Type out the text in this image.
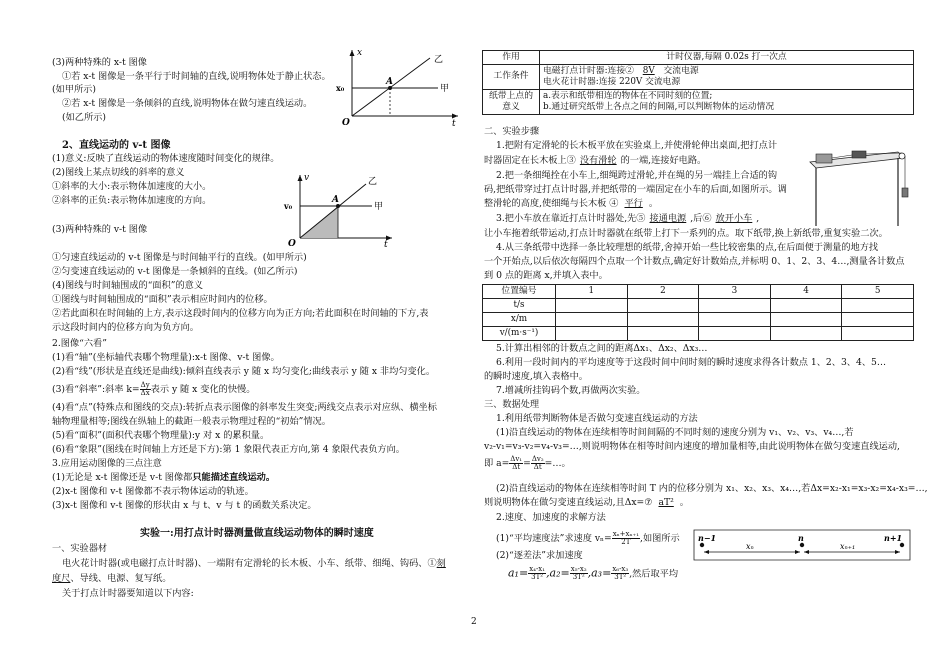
(3)两种特殊的 x-t 图像
①若 x-t 图像是一条平行于时间轴的直线,说明物体处于静止状态。
(如甲所示)
②若 x-t 图像是一条倾斜的直线,说明物体在做匀速直线运动。
(如乙所示)
x
t
O
x₀
A
甲
乙
2、直线运动的 v-t 图像
(1)意义:反映了直线运动的物体速度随时间变化的规律。
(2)图线上某点切线的斜率的意义
①斜率的大小:表示物体加速度的大小。
②斜率的正负:表示物体加速度的方向。
v
t
O
v₀
A
甲
乙
(3)两种特殊的 v-t 图像
①匀速直线运动的 v-t 图像是与时间轴平行的直线。(如甲所示)
②匀变速直线运动的 v-t 图像是一条倾斜的直线。(如乙所示)
(4)图线与时间轴围成的“面积”的意义
①图线与时间轴围成的“面积”表示相应时间内的位移。
②若此面积在时间轴的上方,表示这段时间内的位移方向为正方向;若此面积在时间轴的下方,表
示这段时间内的位移方向为负方向。
2.图像“六看”
(1)看“轴”(坐标轴代表哪个物理量):x-t 图像、v-t 图像。
(2)看“线”(形状是直线还是曲线):倾斜直线表示 y 随 x 均匀变化;曲线表示 y 随 x 非均匀变化。
(3)看“斜率”:斜率 $k= \frac{\Delta y}{\Delta x}$ 表示 y 随 x 变化的快慢。
(4)看“点”(特殊点和图线的交点):转折点表示图像的斜率发生突变;两线交点表示对应纵、横坐标
轴物理量相等;图线在纵轴上的截距一般表示物理过程的“初始”情况。
(5)看“面积”(面积代表哪个物理量):y 对 x 的累积量。
(6)看“象限”(图线在时间轴上方还是下方):第 1 象限代表正方向,第 4 象限代表负方向。
3.应用运动图像的三点注意
(1)无论是 x-t 图像还是 v-t 图像都只能描述直线运动。
(2)x-t 图像和 v-t 图像都不表示物体运动的轨迹。
(3)x-t 图像和 v-t 图像的形状由 x 与 t、v 与 t 的函数关系决定。
实验一:用打点计时器测量做直线运动物体的瞬时速度
一、实验器材
电火花计时器(或电磁打点计时器)、一端附有定滑轮的长木板、小车、纸带、细绳、钩码、①刻
度尺、导线、电源、复写纸。
关于打点计时器要知道以下内容:
作用	计时仪器,每隔 0.02s 打一次点
工作条件	电磁打点计时器:连接② 8V 交流电源
电火花计时器:连接 220V 交流电源

纸带上点的意义	a.表示和纸带相连的物体在不同时刻的位置;
b.通过研究纸带上各点之间的间隔,可以判断物体的运动情况
二、实验步骤
1.把附有定滑轮的长木板平放在实验桌上,并使滑轮伸出桌面,把打点计
时器固定在长木板上③ 没有滑轮 的一端,连接好电路。
2.把一条细绳拴在小车上,细绳跨过滑轮,并在绳的另一端挂上合适的钩
码,把纸带穿过打点计时器,并把纸带的一端固定在小车的后面,如图所示。调
整滑轮的高度,使细绳与长木板 ④ 平行 。
3.把小车放在靠近打点计时器处,先⑤ 接通电源 ,后⑥ 放开小车 ,
让小车拖着纸带运动,打点计时器就在纸带上打下一系列的点。取下纸带,换上新纸带,重复实验二次。
4.从三条纸带中选择一条比较理想的纸带,舍掉开始一些比较密集的点,在后面便于测量的地方找
一个开始点,以后依次每隔四个点取一个计数点,确定好计数始点,并标明 0、1、2、3、4…,测量各计数点
到 0 点的距离 x,并填入表中。
位置编号	1	2	3	4	5
t/s					
x/m					
v/(m·s⁻¹)					
5.计算出相邻的计数点之间的距离Δx₁、Δx₂、Δx₃…
6.利用一段时间内的平均速度等于这段时间中间时刻的瞬时速度求得各计数点 1、2、3、4、5…
的瞬时速度,填入表格中。
7.增减所挂钩码个数,再做两次实验。
三、数据处理
1.利用纸带判断物体是否做匀变速直线运动的方法
(1)沿直线运动的物体在连续相等时间间隔的不同时刻的速度分别为 v₁、v₂、v₃、v₄…,若
v₂-v₁=v₃-v₂=v₄-v₃=…,则说明物体在相等时间内速度的增加量相等,由此说明物体在做匀变速直线运动,
即 $a= \frac{\text{Δv₁}}{\Delta t} = \frac{\text{Δv₂}}{\Delta t}$ =…。
(2)沿直线运动的物体在连续相等时间 T 内的位移分别为 x₁、x₂、x₃、x₄…,若Δx=x₂-x₁=x₃-x₂=x₄-x₃=…,
则说明物体在做匀变速直线运动,且Δx=⑦ aT² 。
2.速度、加速度的求解方法
(1)“平均速度法”求速度 $v_n= \frac{\text{xₙ+xₙ₊₁}}{2T}$ ,如图所示 n−1
xₙ
n
xₙ₊₁
n+1
(2)“逐差法”求加速度
$a_1= \frac{\text{x₄-x₁}}{\text{3T²}} ,a_2= \frac{\text{x₅-x₂}}{\text{3T²}} ,a_3= \frac{\text{x₆-x₃}}{\text{3T²}}$ ,然后取平均
2
